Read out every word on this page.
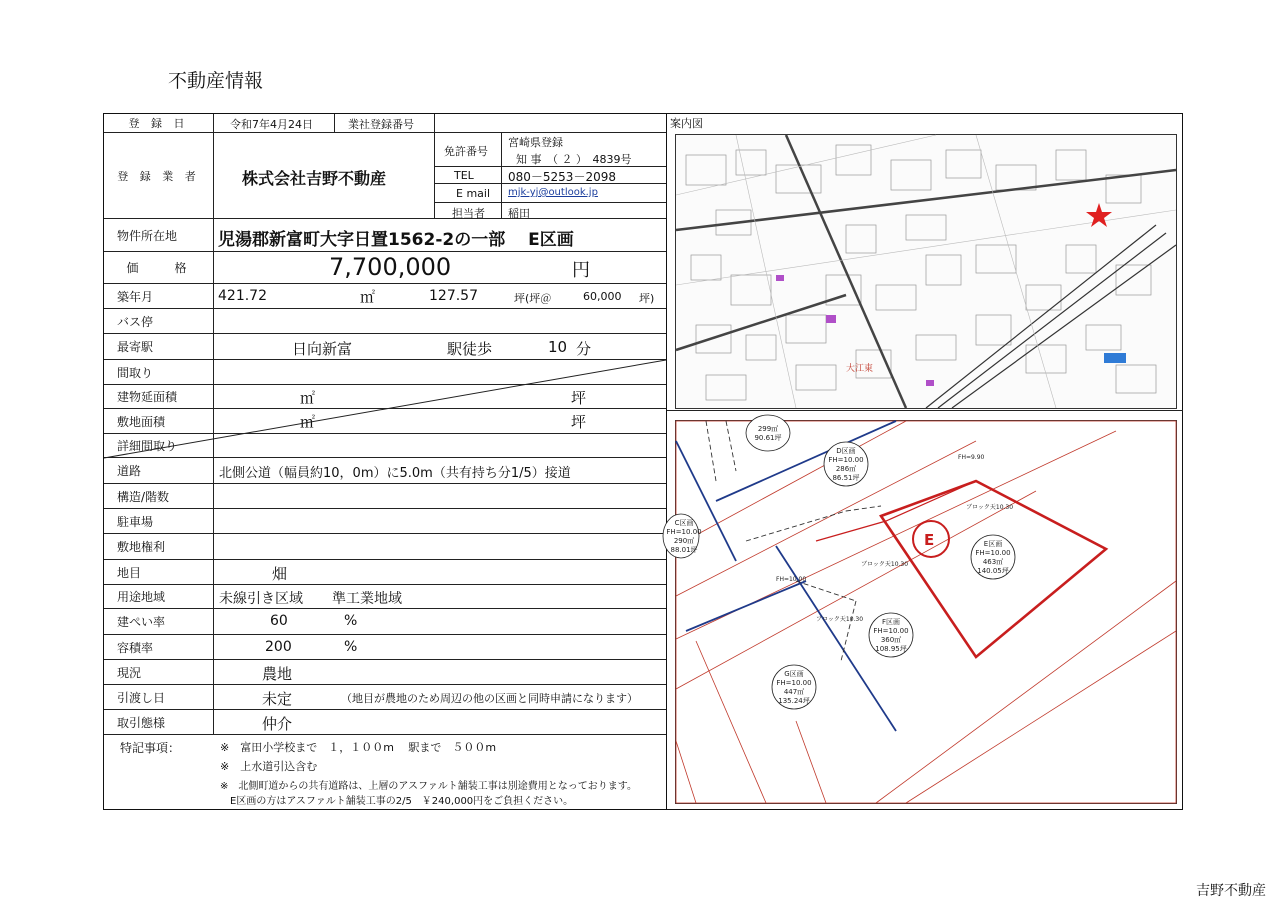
不動産情報
登 録 日	令和7年4月24日	業社登録番号
登 録 業 者	株式会社吉野不動産
免許番号
宮崎県登録
知 事　（ ２ ）　4839号
TEL	080－5253－2098
E mail mjk-yj@outlook.jp
担当者 稲田
物件所在地	児湯郡新富町大字日置1562-2の一部　 E区画
価　　格	7,700,000	円
築年月	421.72	㎡	127.57	坪(坪＠	60,000 坪)
バス停
最寄駅	日向新富	駅徒歩	10 分
間取り
建物延面積	㎡	坪
敷地面積	㎡	坪
詳細間取り
道路	北側公道（幅員約10，0m）に5.0m（共有持ち分1/5）接道
構造/階数
駐車場
敷地権利
地目	畑
用途地域	未線引き区域 準工業地域
建ぺい率	60	%
容積率	200	%
現況	農地
引渡し日	未定	（地目が農地のため周辺の他の区画と同時申請になります）
取引態様	仲介
特記事項：	※　富田小学校まで　１，１００m　 駅まで　５００m
※　上水道引込含む
※　北側町道からの共有道路は、上層のアスファルト舗装工事は別途費用となっております。
　E区画の方はアスファルト舗装工事の2/5　￥240,000円をご負担ください。
案内図
大江東
E
299㎡
90.61坪
D区画
FH=10.00
286㎡
86.51坪
E区画
FH=10.00
463㎡
140.05坪
F区画
FH=10.00
360㎡
108.95坪
G区画
FH=10.00
447㎡
135.24坪
C区画
FH=10.00
290㎡
88.01坪
FH=9.90
FH=10.00
ブロック天10.30
ブロック天10.30
ブロック天10.30
吉野不動産
